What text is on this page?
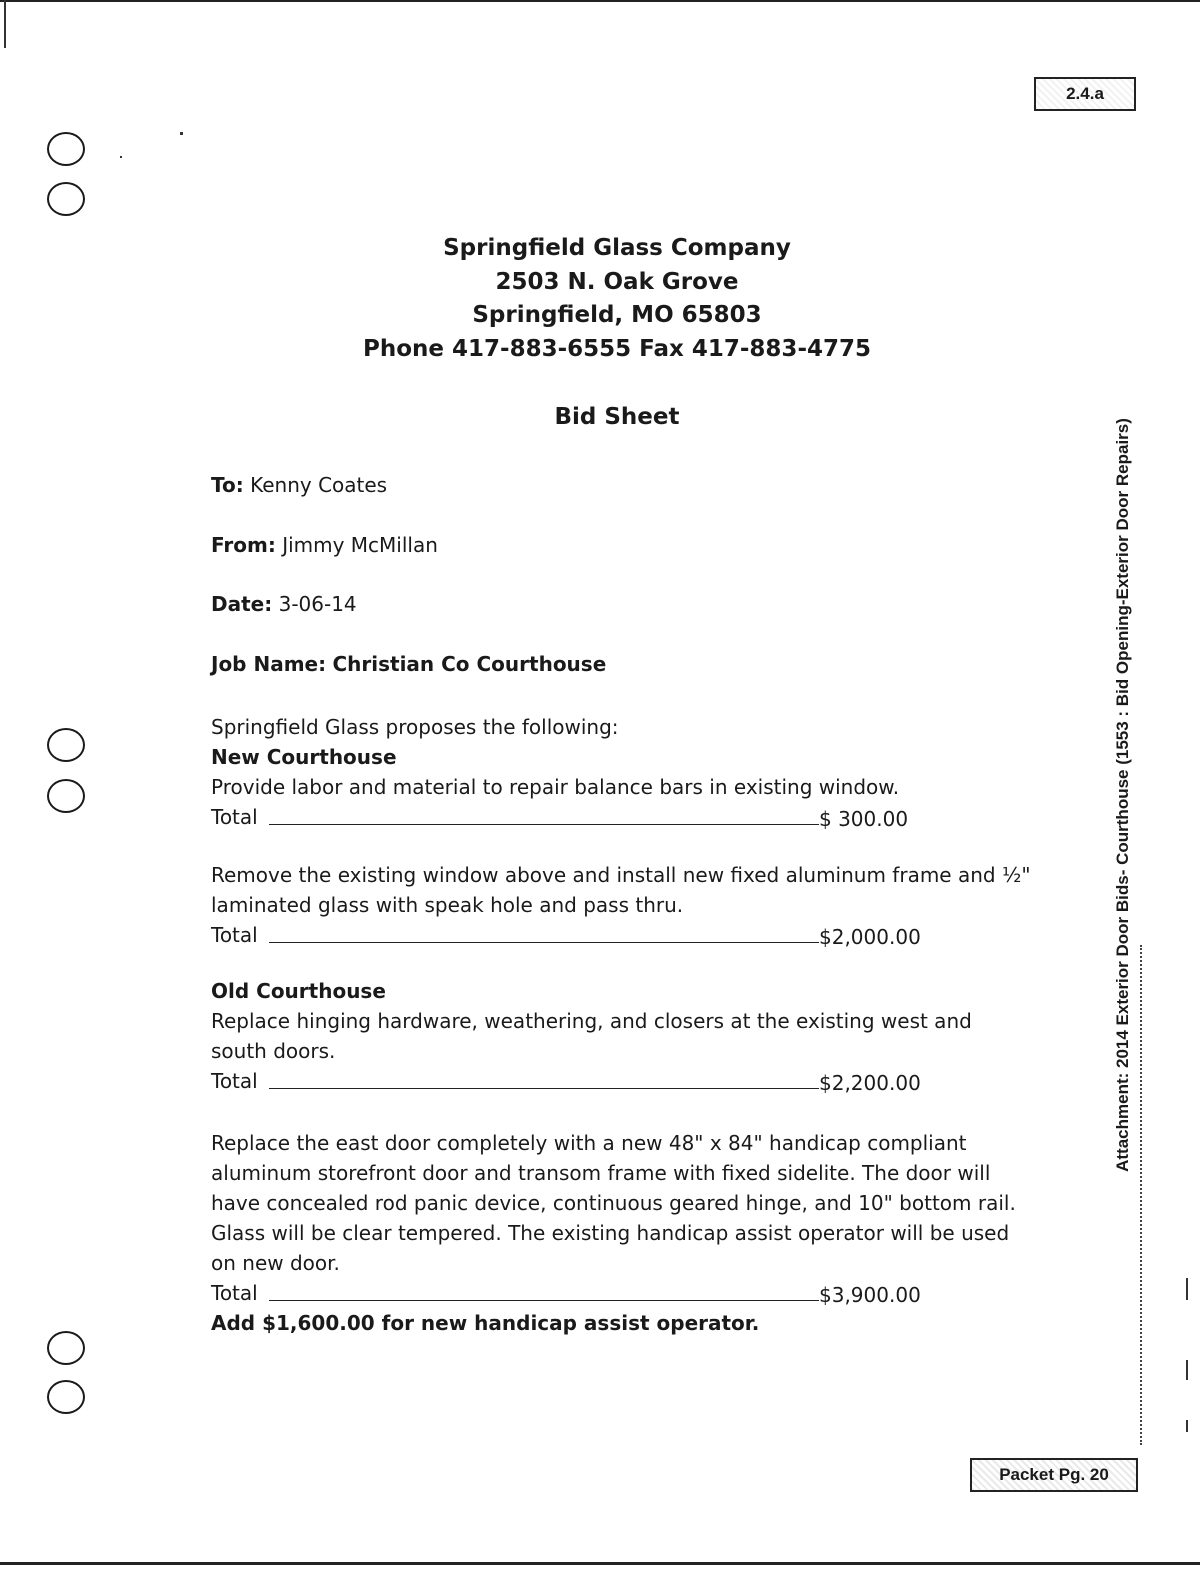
2.4.a
Packet Pg. 20
Attachment: 2014 Exterior Door Bids- Courthouse (1553 : Bid Opening-Exterior Door Repairs)
Springfield Glass Company
2503 N. Oak Grove
Springfield, MO 65803
Phone 417-883-6555 Fax 417-883-4775
Bid Sheet
To: Kenny Coates
From: Jimmy McMillan
Date: 3-06-14
Job Name: Christian Co Courthouse
Springfield Glass proposes the following:
New Courthouse
Provide labor and material to repair balance bars in existing window.
Total	$ 300.00
Remove the existing window above and install new fixed aluminum frame and ½" laminated glass with speak hole and pass thru.
Total	$2,000.00
Old Courthouse
Replace hinging hardware, weathering, and closers at the existing west and south doors.
Total	$2,200.00
Replace the east door completely with a new 48" x 84" handicap compliant aluminum storefront door and transom frame with fixed sidelite. The door will have concealed rod panic device, continuous geared hinge, and 10" bottom rail. Glass will be clear tempered. The existing handicap assist operator will be used on new door.
Total	$3,900.00
Add $1,600.00 for new handicap assist operator.
